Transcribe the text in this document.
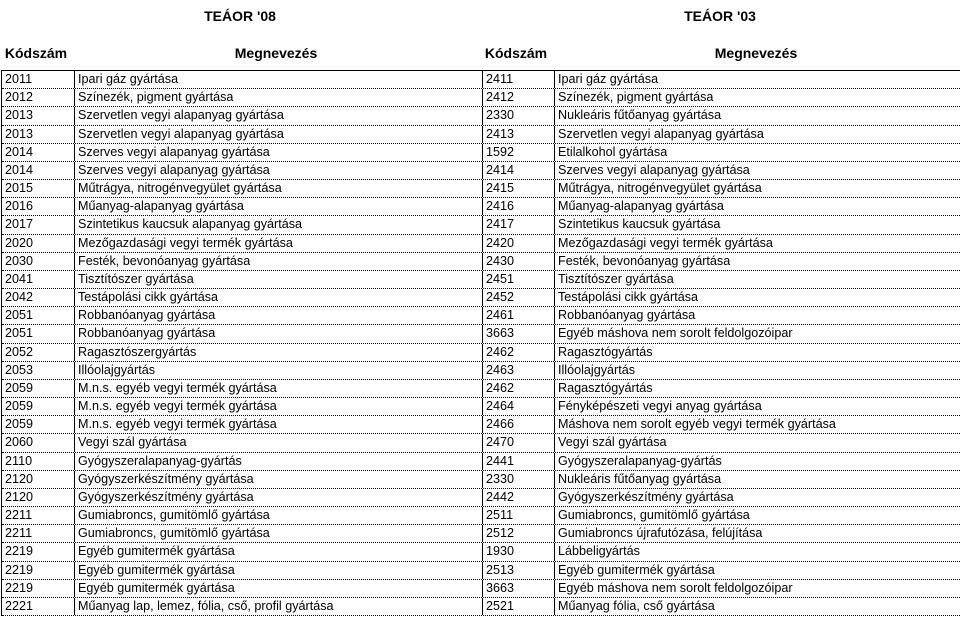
TEÁOR '08	TEÁOR '03
Kódszám	Megnevezés	Kódszám	Megnevezés
2011	Ipari gáz gyártása	2411	Ipari gáz gyártása
2012	Színezék, pigment gyártása	2412	Színezék, pigment gyártása
2013	Szervetlen vegyi alapanyag gyártása	2330	Nukleáris fűtőanyag gyártása
2013	Szervetlen vegyi alapanyag gyártása	2413	Szervetlen vegyi alapanyag gyártása
2014	Szerves vegyi alapanyag gyártása	1592	Etilalkohol gyártása
2014	Szerves vegyi alapanyag gyártása	2414	Szerves vegyi alapanyag gyártása
2015	Műtrágya, nitrogénvegyület gyártása	2415	Műtrágya, nitrogénvegyület gyártása
2016	Műanyag-alapanyag gyártása	2416	Műanyag-alapanyag gyártása
2017	Szintetikus kaucsuk alapanyag gyártása	2417	Szintetikus kaucsuk gyártása
2020	Mezőgazdasági vegyi termék gyártása	2420	Mezőgazdasági vegyi termék gyártása
2030	Festék, bevonóanyag gyártása	2430	Festék, bevonóanyag gyártása
2041	Tisztítószer gyártása	2451	Tisztítószer gyártása
2042	Testápolási cikk gyártása	2452	Testápolási cikk gyártása
2051	Robbanóanyag gyártása	2461	Robbanóanyag gyártása
2051	Robbanóanyag gyártása	3663	Egyéb máshova nem sorolt feldolgozóipar
2052	Ragasztószergyártás	2462	Ragasztógyártás
2053	Illóolajgyártás	2463	Illóolajgyártás
2059	M.n.s. egyéb vegyi termék gyártása	2462	Ragasztógyártás
2059	M.n.s. egyéb vegyi termék gyártása	2464	Fényképészeti vegyi anyag gyártása
2059	M.n.s. egyéb vegyi termék gyártása	2466	Máshova nem sorolt egyéb vegyi termék gyártása
2060	Vegyi szál gyártása	2470	Vegyi szál gyártása
2110	Gyógyszeralapanyag-gyártás	2441	Gyógyszeralapanyag-gyártás
2120	Gyógyszerkészítmény gyártása	2330	Nukleáris fűtőanyag gyártása
2120	Gyógyszerkészítmény gyártása	2442	Gyógyszerkészítmény gyártása
2211	Gumiabroncs, gumitömlő gyártása	2511	Gumiabroncs, gumitömlő gyártása
2211	Gumiabroncs, gumitömlő gyártása	2512	Gumiabroncs újrafutózása, felújítása
2219	Egyéb gumitermék gyártása	1930	Lábbeligyártás
2219	Egyéb gumitermék gyártása	2513	Egyéb gumitermék gyártása
2219	Egyéb gumitermék gyártása	3663	Egyéb máshova nem sorolt feldolgozóipar
2221	Műanyag lap, lemez, fólia, cső, profil gyártása	2521	Műanyag fólia, cső gyártása
